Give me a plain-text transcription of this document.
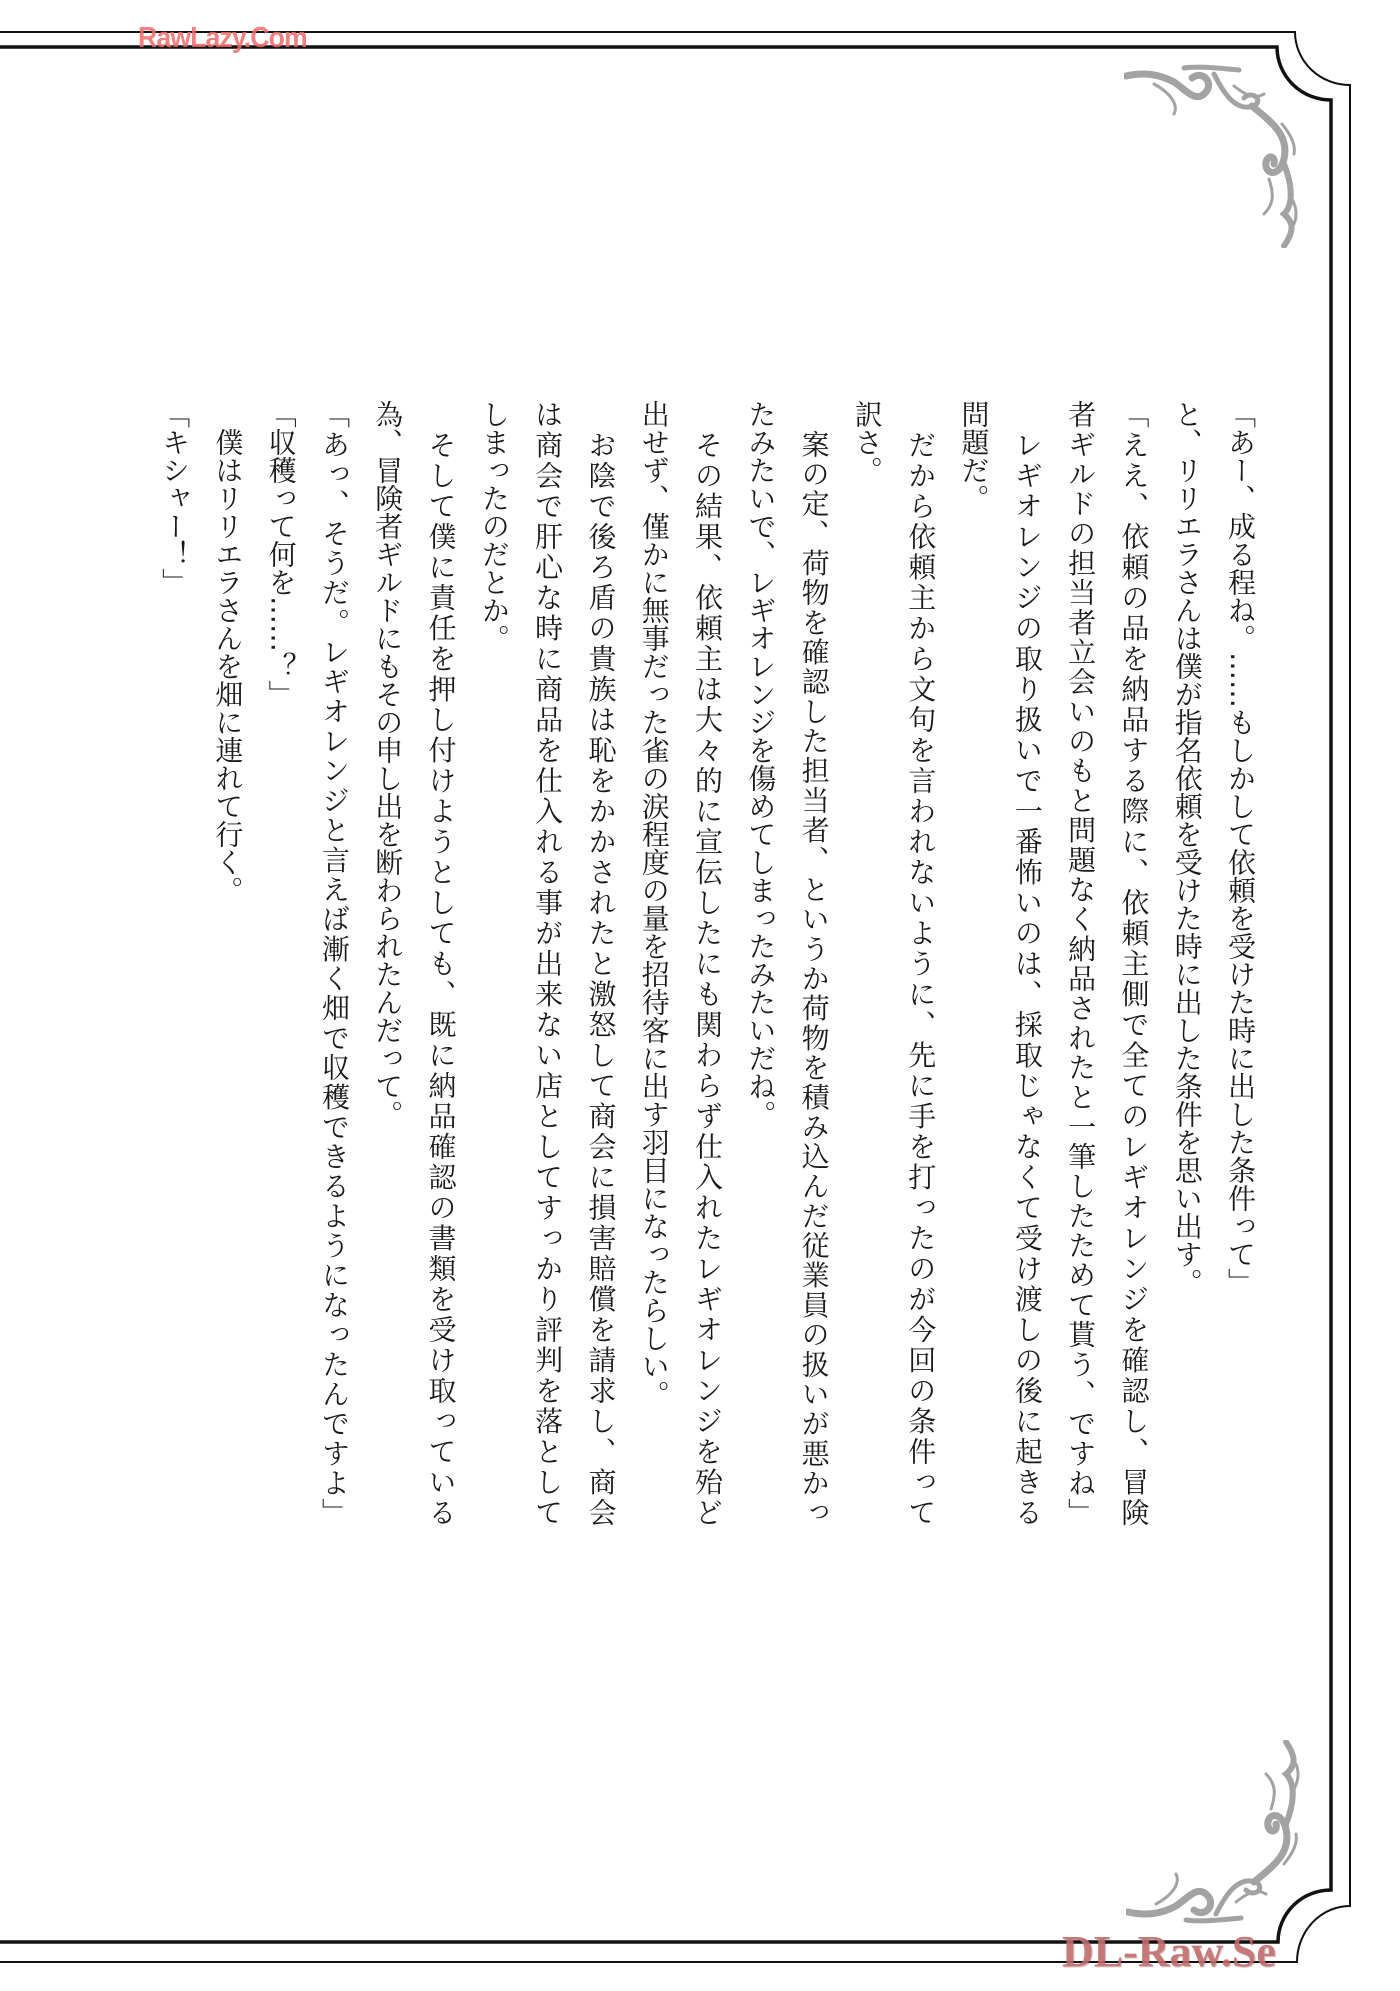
RawLazy.Com
「あー、成る程ね。……もしかして依頼を受けた時に出した条件って」
と、リリエラさんは僕が指名依頼を受けた時に出した条件を思い出す。
「ええ、依頼の品を納品する際に、依頼主側で全てのレギオレンジを確認し、冒険
者ギルドの担当者立会いのもと問題なく納品されたと一筆したためて貰う、ですね」
　レギオレンジの取り扱いで一番怖いのは、採取じゃなくて受け渡しの後に起きる
問題だ。
　だから依頼主から文句を言われないように、先に手を打ったのが今回の条件って
訳さ。
　案の定、荷物を確認した担当者、というか荷物を積み込んだ従業員の扱いが悪かっ
たみたいで、レギオレンジを傷めてしまったみたいだね。
　その結果、依頼主は大々的に宣伝したにも関わらず仕入れたレギオレンジを殆ど
出せず、僅かに無事だった雀の涙程度の量を招待客に出す羽目になったらしい。
　お陰で後ろ盾の貴族は恥をかかされたと激怒して商会に損害賠償を請求し、商会
は商会で肝心な時に商品を仕入れる事が出来ない店としてすっかり評判を落として
しまったのだとか。
　そして僕に責任を押し付けようとしても、既に納品確認の書類を受け取っている
為、冒険者ギルドにもその申し出を断わられたんだって。
「あっ、そうだ。レギオレンジと言えば漸く畑で収穫できるようになったんですよ」
「収穫って何を……？」
　僕はリリエラさんを畑に連れて行く。
「キシャー！」
DL-Raw.Se
